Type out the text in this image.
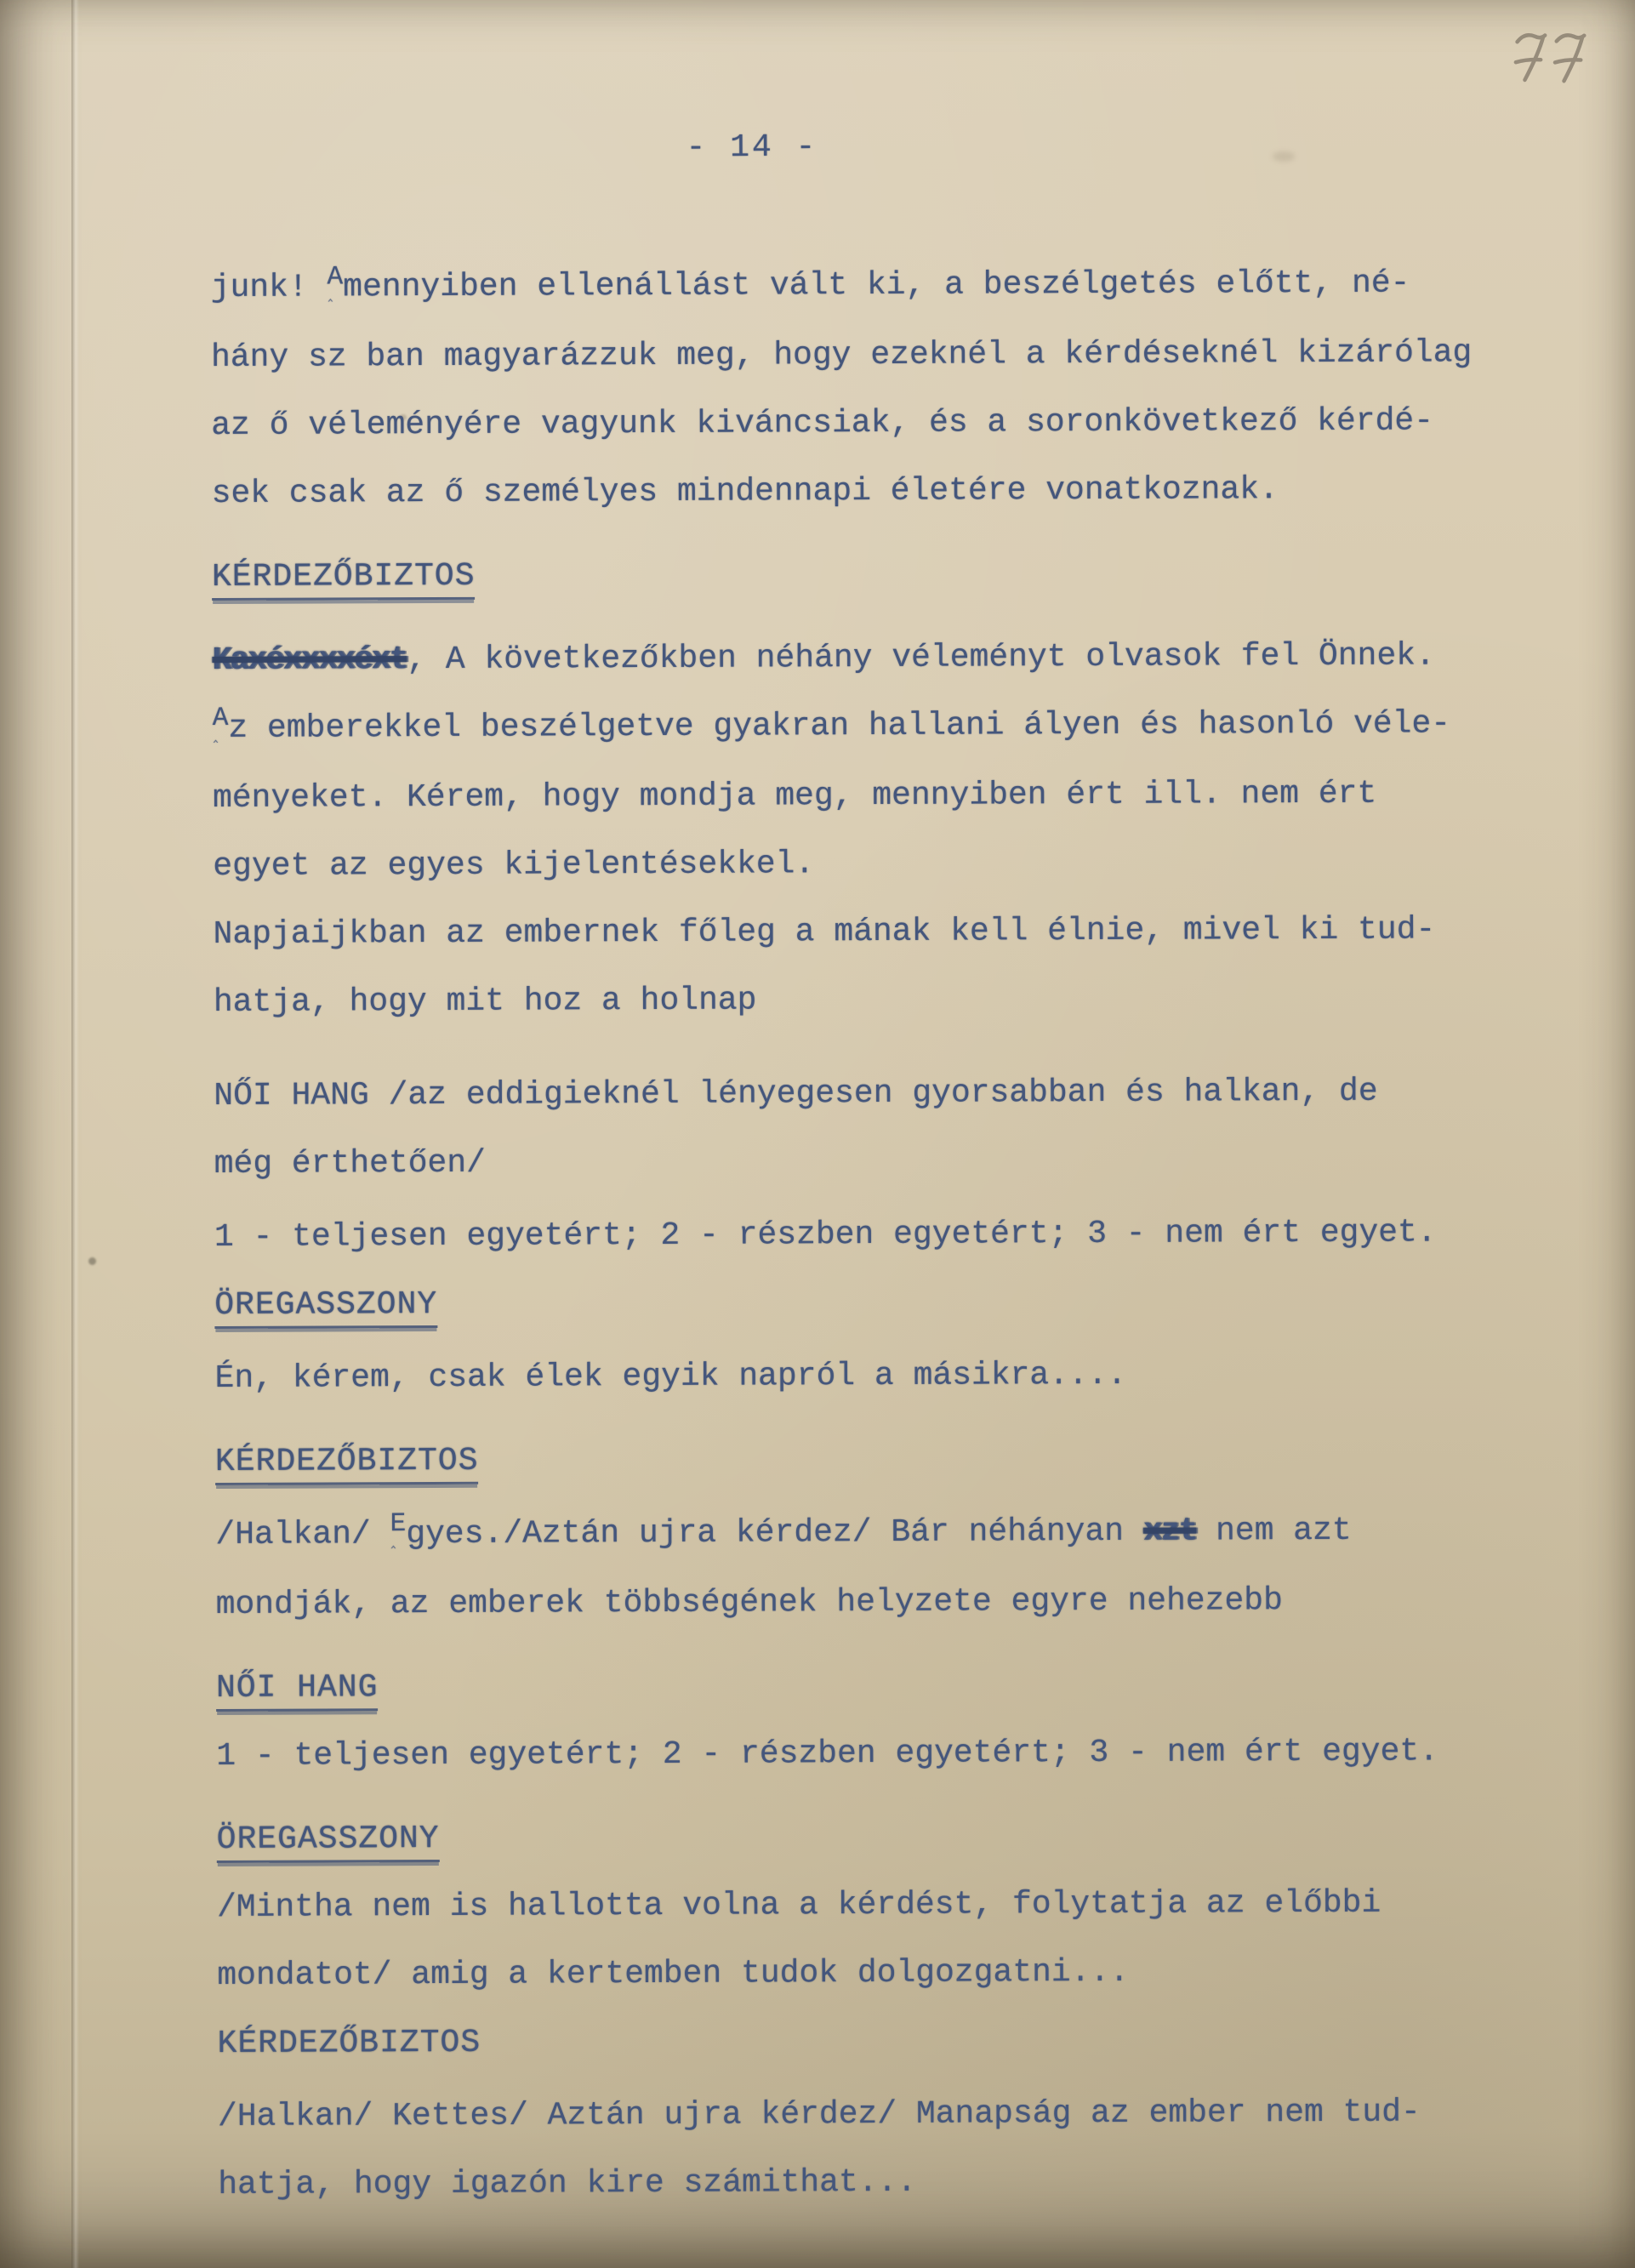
- 14 -
junk! A ‸mennyiben ellenállást vált ki, a beszélgetés előtt, né-
hány sz ban magyarázzuk meg, hogy ezeknél a kérdéseknél kizárólag
az ő véleményére vagyunk kiváncsiak, és a soronkövetkező kérdé-
sek csak az ő személyes mindennapi életére vonatkoznak.
KÉRDEZŐBIZTOS
Kaxéxxxxéxt, A következőkben néhány véleményt olvasok fel Önnek.
A ‸z emberekkel beszélgetve gyakran hallani ályen és hasonló véle-
ményeket. Kérem, hogy mondja meg, mennyiben ért ill. nem ért
egyet az egyes kijelentésekkel.
Napjaijkban az embernek főleg a mának kell élnie, mivel ki tud-
hatja, hogy mit hoz a holnap
NŐI HANG /az eddigieknél lényegesen gyorsabban és halkan, de
még érthetően/
1 - teljesen egyetért; 2 - részben egyetért; 3 - nem ért egyet.
ÖREGASSZONY
Én, kérem, csak élek egyik napról a másikra....
KÉRDEZŐBIZTOS
/Halkan/ E ‸gyes./Aztán ujra kérdez/ Bár néhányan xzt nem azt
mondják, az emberek többségének helyzete egyre nehezebb
NŐI HANG
1 - teljesen egyetért; 2 - részben egyetért; 3 - nem ért egyet.
ÖREGASSZONY
/Mintha nem is hallotta volna a kérdést, folytatja az előbbi
mondatot/ amig a kertemben tudok dolgozgatni...
KÉRDEZŐBIZTOS
/Halkan/ Kettes/ Aztán ujra kérdez/ Manapság az ember nem tud-
hatja, hogy igazón kire számithat...
